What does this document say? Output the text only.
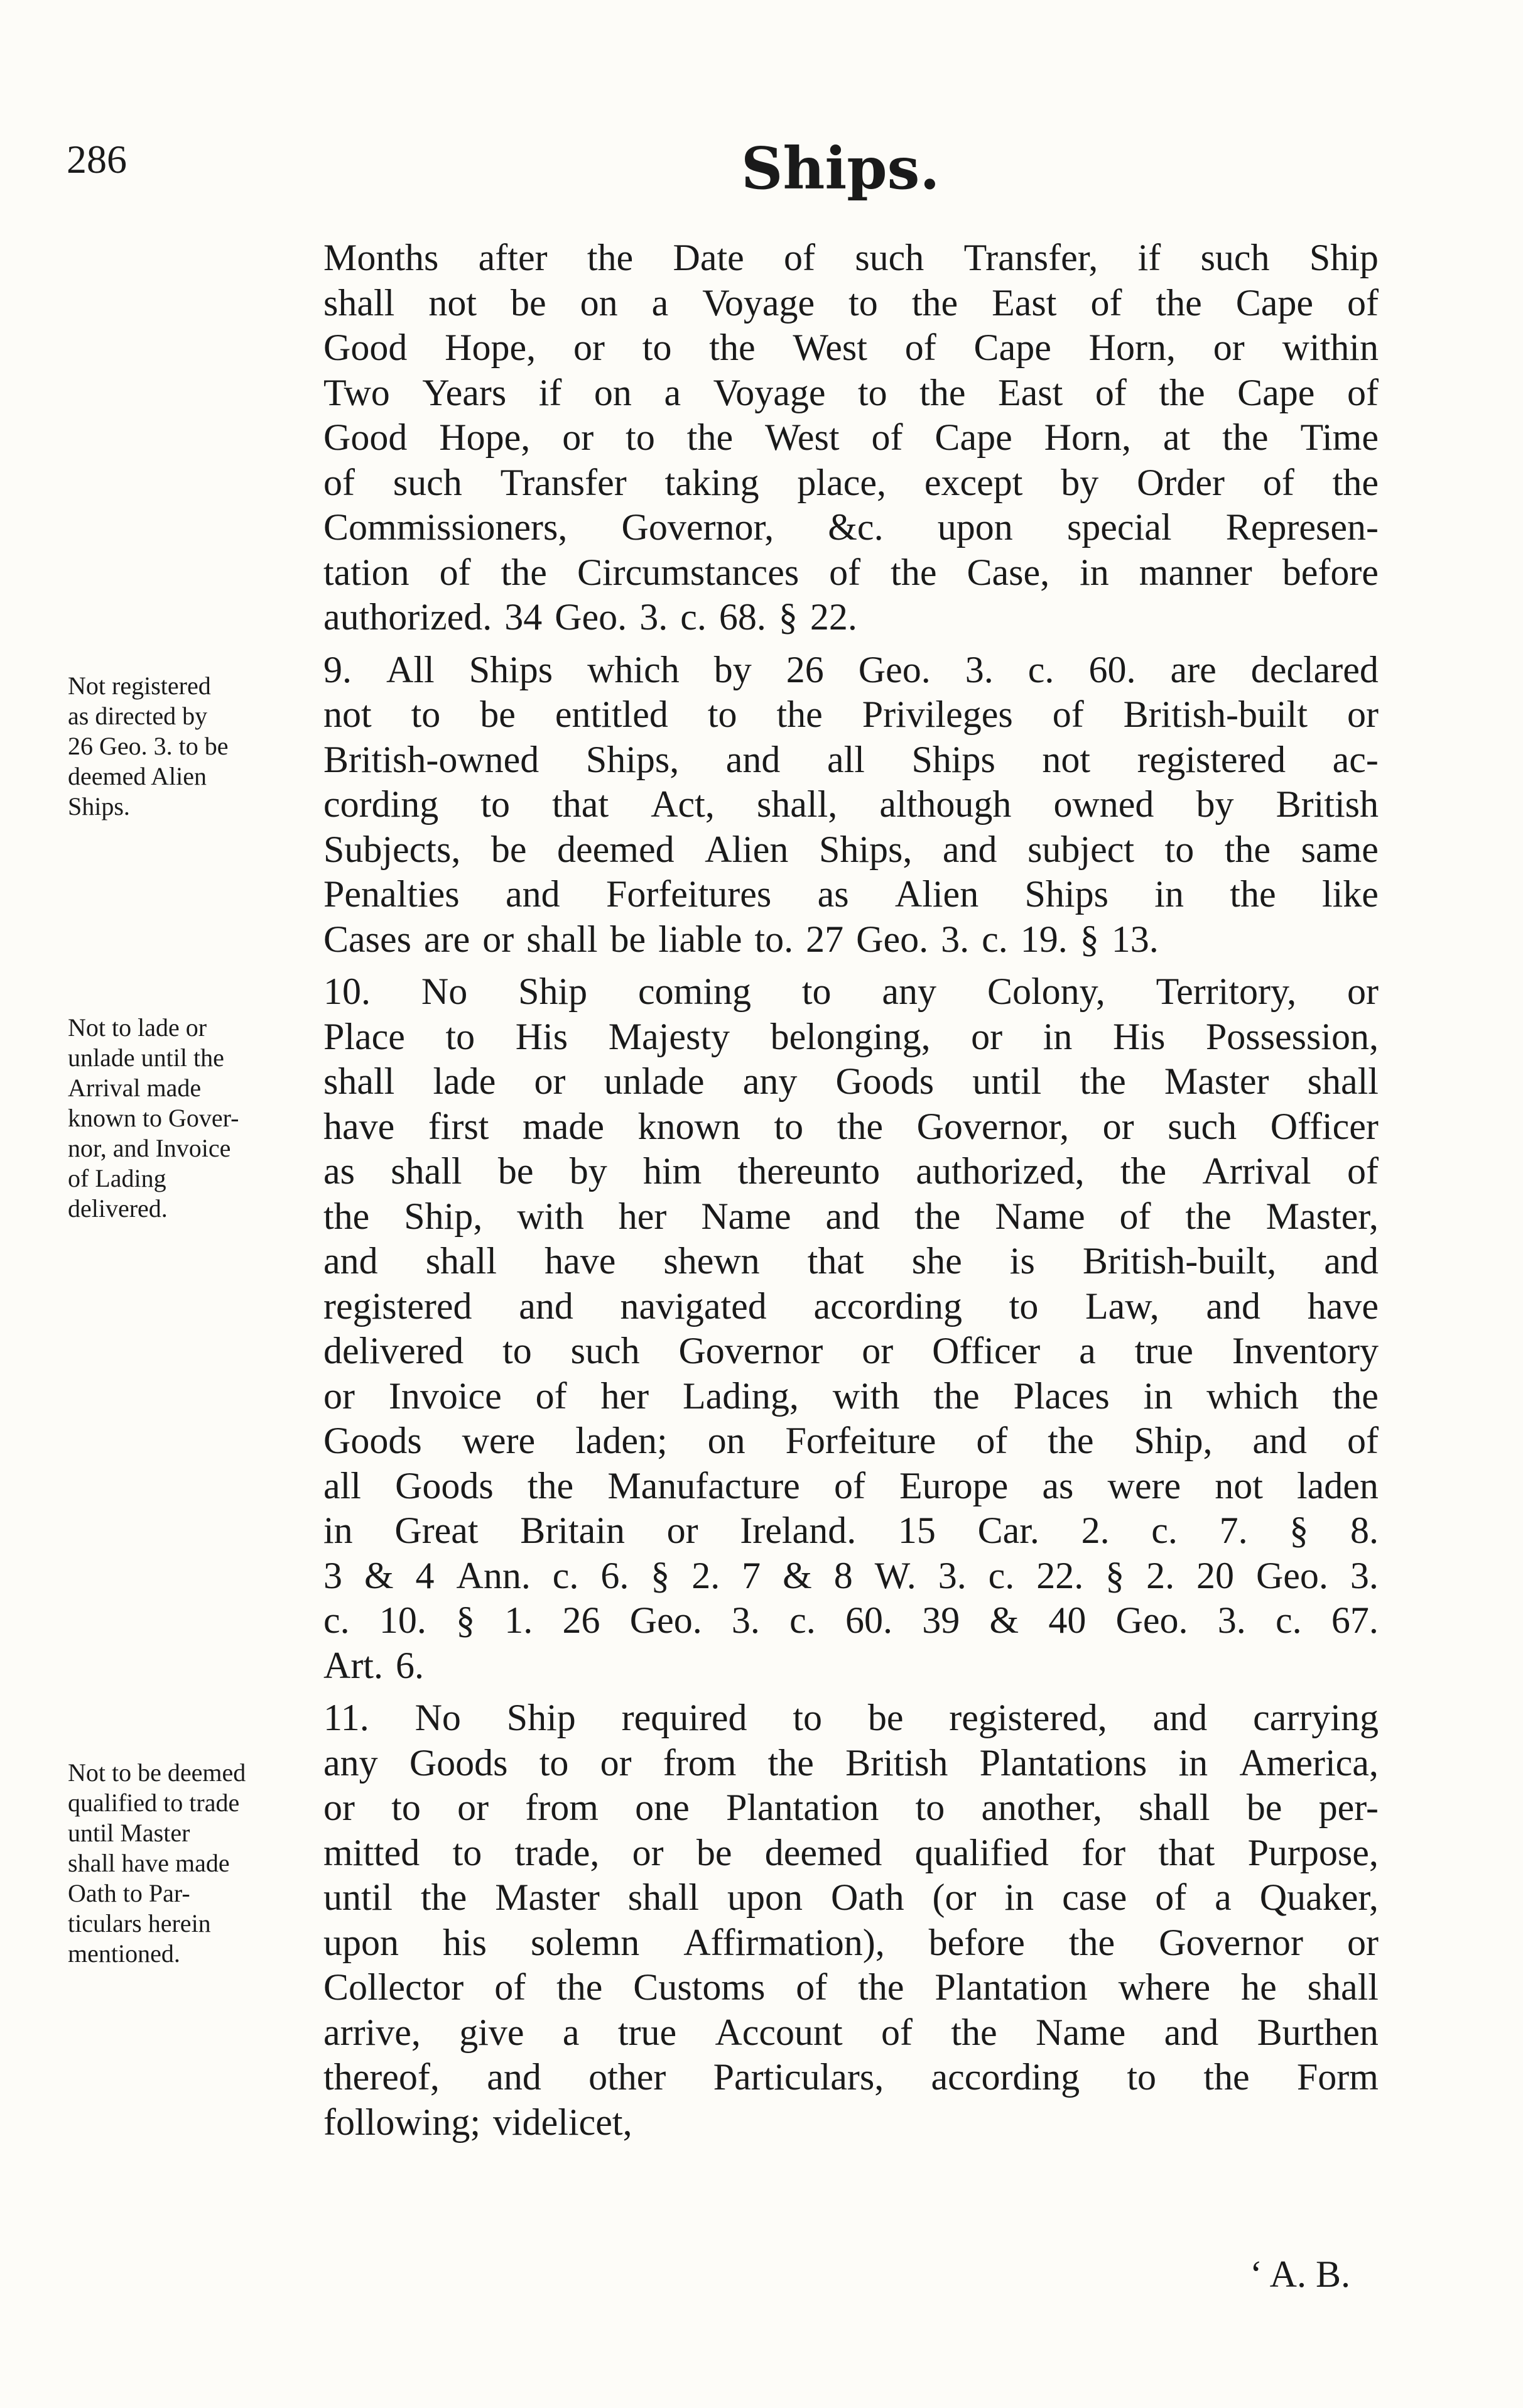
286	Ships.
Not registered
as directed by
26 Geo. 3. to be
deemed Alien
Ships.
Not to lade or
unlade until the
Arrival made
known to Gover-
nor, and Invoice
of Lading
delivered.
Not to be deemed
qualified to trade
until Master
shall have made
Oath to Par-
ticulars herein
mentioned.
Months after the Date of such Transfer, if such Ship
shall not be on a Voyage to the East of the Cape of
Good Hope, or to the West of Cape Horn, or within
Two Years if on a Voyage to the East of the Cape of
Good Hope, or to the West of Cape Horn, at the Time
of such Transfer taking place, except by Order of the
Commissioners, Governor, &c. upon special Represen-
tation of the Circumstances of the Case, in manner before
authorized. 34 Geo. 3. c. 68. § 22.
9. All Ships which by 26 Geo. 3. c. 60. are declared
not to be entitled to the Privileges of British-built or
British-owned Ships, and all Ships not registered ac-
cording to that Act, shall, although owned by British
Subjects, be deemed Alien Ships, and subject to the same
Penalties and Forfeitures as Alien Ships in the like
Cases are or shall be liable to. 27 Geo. 3. c. 19. § 13.
10. No Ship coming to any Colony, Territory, or
Place to His Majesty belonging, or in His Possession,
shall lade or unlade any Goods until the Master shall
have first made known to the Governor, or such Officer
as shall be by him thereunto authorized, the Arrival of
the Ship, with her Name and the Name of the Master,
and shall have shewn that she is British-built, and
registered and navigated according to Law, and have
delivered to such Governor or Officer a true Inventory
or Invoice of her Lading, with the Places in which the
Goods were laden; on Forfeiture of the Ship, and of
all Goods the Manufacture of Europe as were not laden
in Great Britain or Ireland. 15 Car. 2. c. 7. § 8.
3 & 4 Ann. c. 6. § 2. 7 & 8 W. 3. c. 22. § 2. 20 Geo. 3.
c. 10. § 1. 26 Geo. 3. c. 60. 39 & 40 Geo. 3. c. 67.
Art. 6.
11. No Ship required to be registered, and carrying
any Goods to or from the British Plantations in America,
or to or from one Plantation to another, shall be per-
mitted to trade, or be deemed qualified for that Purpose,
until the Master shall upon Oath (or in case of a Quaker,
upon his solemn Affirmation), before the Governor or
Collector of the Customs of the Plantation where he shall
arrive, give a true Account of the Name and Burthen
thereof, and other Particulars, according to the Form
following; videlicet,
‘ A. B.
